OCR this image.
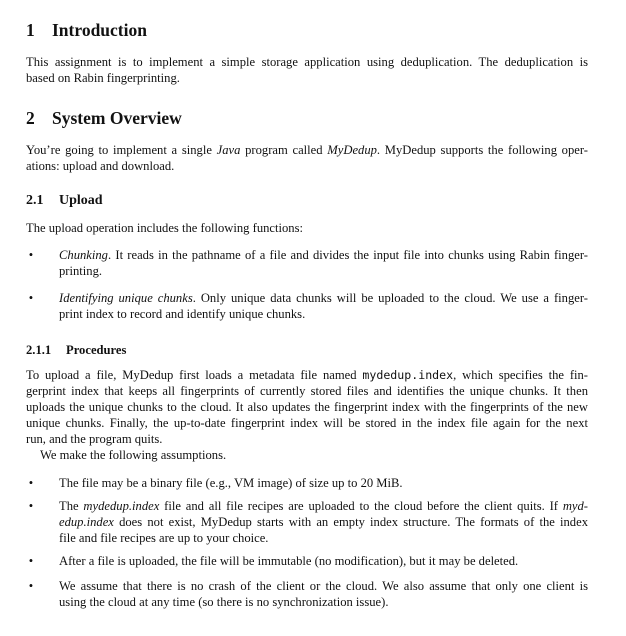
1 Introduction
This assignment is to implement a simple storage application using deduplication. The deduplication is
based on Rabin fingerprinting.
2 System Overview
You’re going to implement a single Java program called MyDedup. MyDedup supports the following oper-
ations: upload and download.
2.1 Upload
The upload operation includes the following functions:
•	Chunking. It reads in the pathname of a file and divides the input file into chunks using Rabin finger-
printing.
•	Identifying unique chunks. Only unique data chunks will be uploaded to the cloud. We use a finger-
print index to record and identify unique chunks.
2.1.1 Procedures
To upload a file, MyDedup first loads a metadata file named mydedup.index, which specifies the fin-
gerprint index that keeps all fingerprints of currently stored files and identifies the unique chunks. It then
uploads the unique chunks to the cloud. It also updates the fingerprint index with the fingerprints of the new
unique chunks. Finally, the up-to-date fingerprint index will be stored in the index file again for the next
run, and the program quits.
We make the following assumptions.
•	The file may be a binary file (e.g., VM image) of size up to 20 MiB.
•	The mydedup.index file and all file recipes are uploaded to the cloud before the client quits. If myd-
edup.index does not exist, MyDedup starts with an empty index structure. The formats of the index
file and file recipes are up to your choice.
•	After a file is uploaded, the file will be immutable (no modification), but it may be deleted.
•	We assume that there is no crash of the client or the cloud. We also assume that only one client is
using the cloud at any time (so there is no synchronization issue).
